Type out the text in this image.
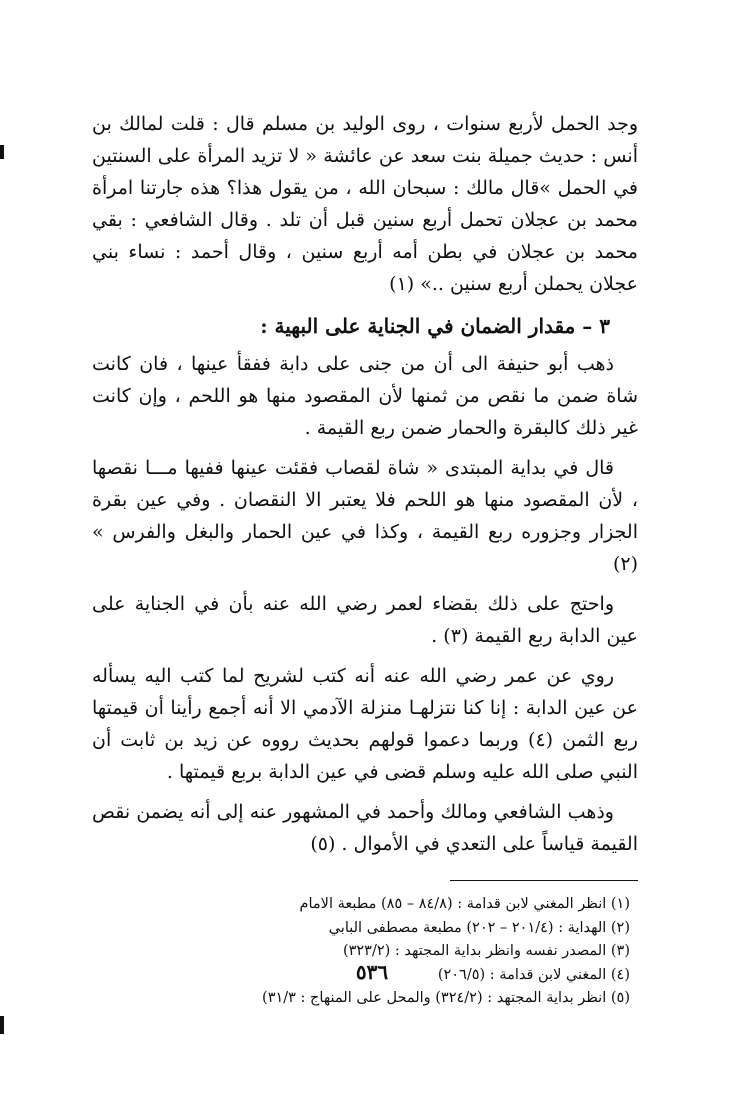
وجد الحمل لأربع سنوات ، روى الوليد بن مسلم قال : قلت لمالك بن أنس : حديث جميلة بنت سعد عن عائشة « لا تزيد المرأة على السنتين في الحمل »قال مالك : سبحان الله ، من يقول هذا؟ هذه جارتنا امرأة محمد بن عجلان تحمل أربع سنين قبل أن تلد . وقال الشافعي : بقي محمد بن عجلان في بطن أمه أربع سنين ، وقال أحمد : نساء بني عجلان يحملن أربع سنين ..» (١)

٣ – مقدار الضمان في الجناية على البهية :

ذهب أبو حنيفة الى أن من جنى على دابة ففقأ عينها ، فان كانت شاة ضمن ما نقص من ثمنها لأن المقصود منها هو اللحم ، وإن كانت غير ذلك كالبقرة والحمار ضمن ربع القيمة .

قال في بداية المبتدى « شاة لقصاب فقئت عينها ففيها مـــا نقصها ، لأن المقصود منها هو اللحم فلا يعتبر الا النقصان . وفي عين بقرة الجزار وجزوره ربع القيمة ، وكذا في عين الحمار والبغل والفرس » (٢)

واحتج على ذلك بقضاء لعمر رضي الله عنه بأن في الجناية على عين الدابة ربع القيمة (٣) .

روي عن عمر رضي الله عنه أنه كتب لشريح لما كتب اليه يسأله عن عين الدابة : إنا كنا نتزلهـا منزلة الآدمي الا أنه أجمع رأينا أن قيمتها ربع الثمن (٤) وربما دعموا قولهم بحديث رووه عن زيد بن ثابت أن النبي صلى الله عليه وسلم قضى في عين الدابة بربع قيمتها .

وذهب الشافعي ومالك وأحمد في المشهور عنه إلى أنه يضمن نقص القيمة قياساً على التعدي في الأموال . (٥)

(١) انظر المغني لابن قدامة : (٨٤/٨ – ٨٥) مطبعة الامام

(٢) الهداية : (٢٠١/٤ – ٢٠٢) مطبعة مصطفى البابي

(٣) المصدر نفسه وانظر بداية المجتهد : (٣٢٣/٢)

(٤) المغني لابن قدامة : (٢٠٦/٥)

(٥) انظر بداية المجتهد : (٣٢٤/٢) والمحل على المنهاج : ٣١/٣)

٥٣٦
